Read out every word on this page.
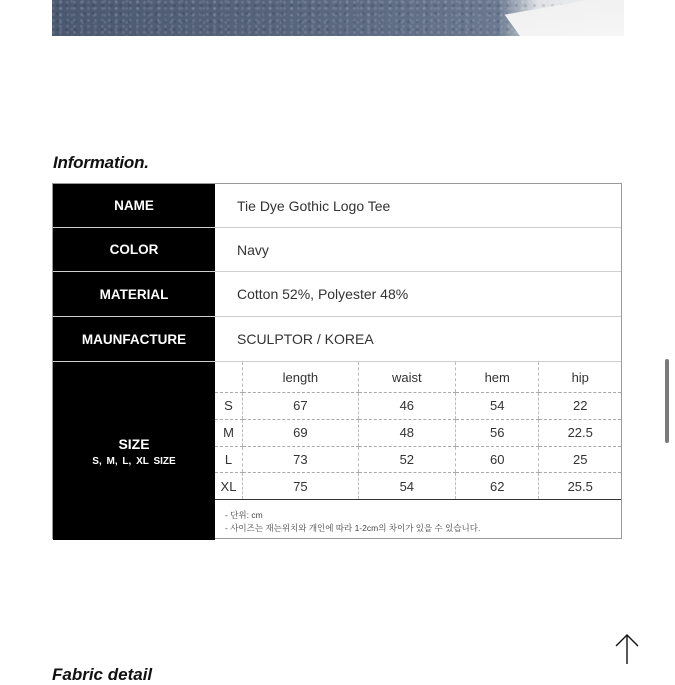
Information.
NAME	Tie Dye Gothic Logo Tee
COLOR	Navy
MATERIAL	Cotton 52%, Polyester 48%
MAUNFACTURE	SCULPTOR / KOREA
SIZE
S, M, L, XL SIZE
	length	waist	hem	hip
S	67	46	54	22
M	69	48	56	22.5
L	73	52	60	25
XL	75	54	62	25.5
- 단위: cm
- 사이즈는 재는위치와 개인에 따라 1-2cm의 차이가 있을 수 있습니다.
Fabric detail
